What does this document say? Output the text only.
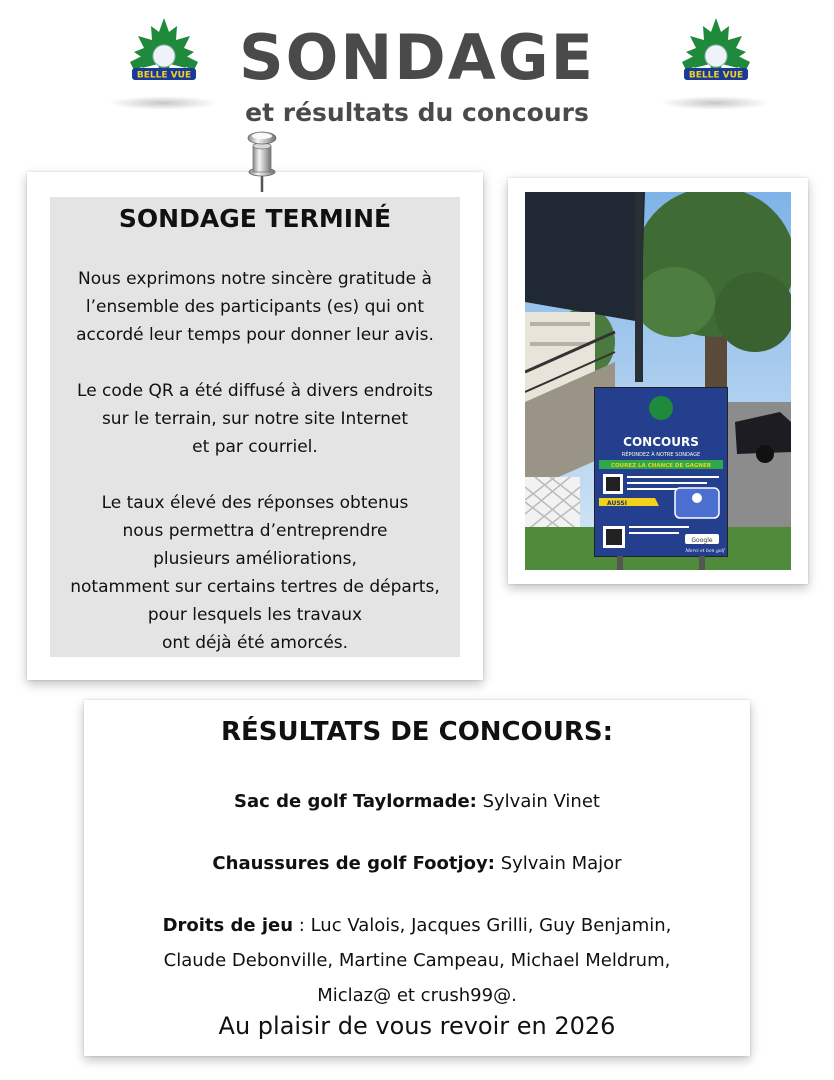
BELLE VUE	BELLE VUE
SONDAGE
et résultats du concours
SONDAGE TERMINÉ

Nous exprimons notre sincère gratitude à
l’ensemble des participants (es) qui ont
accordé leur temps pour donner leur avis.

Le code QR a été diffusé à divers endroits
sur le terrain, sur notre site Internet
et par courriel.

Le taux élevé des réponses obtenus
nous permettra d’entreprendre
plusieurs améliorations,
notamment sur certains tertres de départs,
pour lesquels les travaux
ont déjà été amorcés.

CONCOURS
RÉPONDEZ À NOTRE SONDAGE
COUREZ LA CHANCE DE GAGNER
AUSSI
Google
Merci et bon golf
RÉSULTATS DE CONCOURS:

Sac de golf Taylormade: Sylvain Vinet

Chaussures de golf Footjoy: Sylvain Major

Droits de jeu : Luc Valois, Jacques Grilli, Guy Benjamin,
Claude Debonville, Martine Campeau, Michael Meldrum,
Miclaz@ et crush99@.

Au plaisir de vous revoir en 2026
